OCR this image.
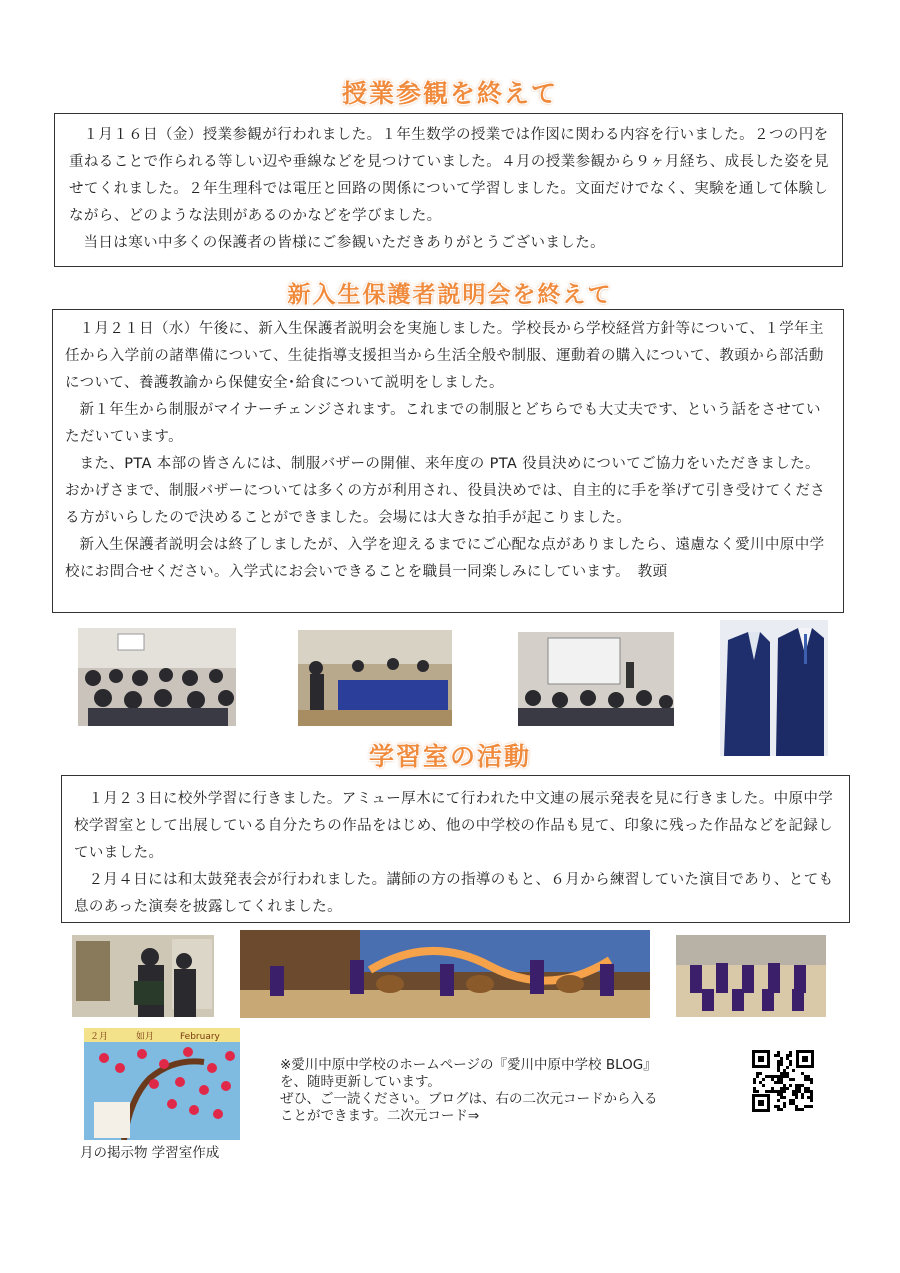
授業参観を終えて

１月１６日（金）授業参観が行われました。１年生数学の授業では作図に関わる内容を行いました。２つの円を重ねることで作られる等しい辺や垂線などを見つけていました。４月の授業参観から９ヶ月経ち、成長した姿を見せてくれました。２年生理科では電圧と回路の関係について学習しました。文面だけでなく、実験を通して体験しながら、どのような法則があるのかなどを学びました。

当日は寒い中多くの保護者の皆様にご参観いただきありがとうございました。

新入生保護者説明会を終えて

１月２１日（水）午後に、新入生保護者説明会を実施しました。学校長から学校経営方針等について、１学年主任から入学前の諸準備について、生徒指導支援担当から生活全般や制服、運動着の購入について、教頭から部活動について、養護教諭から保健安全･給食について説明をしました。

新１年生から制服がマイナーチェンジされます。これまでの制服とどちらでも大丈夫です、という話をさせていただいています。

また、PTA 本部の皆さんには、制服バザーの開催、来年度の PTA 役員決めについてご協力をいただきました。おかげさまで、制服バザーについては多くの方が利用され、役員決めでは、自主的に手を挙げて引き受けてくださる方がいらしたので決めることができました。会場には大きな拍手が起こりました。

新入生保護者説明会は終了しましたが、入学を迎えるまでにご心配な点がありましたら、遠慮なく愛川中原中学校にお問合せください。入学式にお会いできることを職員一同楽しみにしています。　教頭

学習室の活動

１月２３日に校外学習に行きました。アミュー厚木にて行われた中文連の展示発表を見に行きました。中原中学校学習室として出展している自分たちの作品をはじめ、他の中学校の作品も見て、印象に残った作品などを記録していました。

２月４日には和太鼓発表会が行われました。講師の方の指導のもと、６月から練習していた演目であり、とても息のあった演奏を披露してくれました。

２月	如月	February
月の掲示物 学習室作成
※愛川中原中学校のホームページの『愛川中原中学校 BLOG』
を、随時更新しています。
ぜひ、ご一読ください。ブログは、右の二次元コードから入る
ことができます。二次元コード⇒
